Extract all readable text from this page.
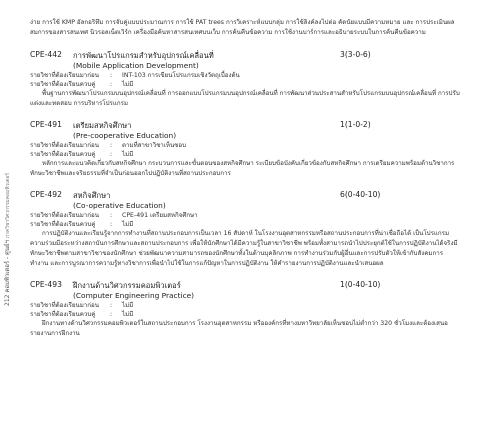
212 คอมพิวเตอร์ - ศูนย์ฯ ภาควิชาวิศวกรรมคอมพิวเตอร์

ง่าย การใช้ KMP อัลกอริทึม การจับคู่แบบประมาณการ การใช้ PAT trees การวิเคราะห์แบบกลุ่ม การใช้ลิงค์ลงไปต่อ คัดนัยแบบมีความหมาย และ การประเมินผลสมการของสารสนเทศ นิวรอลเน็ตเวิร์ก เครื่องมือค้นหาสารสนเทศบนเว็บ การค้นคืนข้อความ การใช้งานบาร์การและอธิบายระบบในการค้นคืนข้อความ

CPE-442 การพัฒนาโปรแกรมสำหรับอุปกรณ์เคลื่อนที่	3(3-0-6)
(Mobile Application Development)
รายวิชาที่ต้องเรียนมาก่อน : INT-103 การเขียนโปรแกรมเชิงวัตถุเบื้องต้น
รายวิชาที่ต้องเรียนควบคู่ : ไม่มี

พื้นฐานการพัฒนาโปรแกรมบนอุปกรณ์เคลื่อนที่ การออกแบบโปรแกรมบนอุปกรณ์เคลื่อนที่ การพัฒนาส่วนประสานสำหรับโปรแกรมบนอุปกรณ์เคลื่อนที่ การปรับแต่งและทดสอบ การบริหารโปรแกรม

CPE-491 เตรียมสหกิจศึกษา	1(1-0-2)
(Pre-cooperative Education)
รายวิชาที่ต้องเรียนมาก่อน : ตามที่สาขาวิชาเห็นชอบ
รายวิชาที่ต้องเรียนควบคู่ : ไม่มี

หลักการและแนวคิดเกี่ยวกับสหกิจศึกษา กระบวนการและขั้นตอนของสหกิจศึกษา ระเบียบข้อบังคับเกี่ยวข้องกับสหกิจศึกษา การเตรียมความพร้อมด้านวิชาการ ทักษะวิชาชีพและจริยธรรมที่จำเป็นก่อนออกไปปฏิบัติงานที่สถานประกอบการ

CPE-492 สหกิจศึกษา	6(0-40-10)
(Co-operative Education)
รายวิชาที่ต้องเรียนมาก่อน : CPE-491 เตรียมสหกิจศึกษา
รายวิชาที่ต้องเรียนควบคู่ : ไม่มี

การปฏิบัติงานและเรียนรู้จากการทำงานที่สถานประกอบการเป็นเวลา 16 สัปดาห์ ในโรงงานอุตสาหกรรมหรือสถานประกอบการที่น่าเชื่อถือได้ เป็นโปรแกรมความร่วมมือระหว่างสถาบันการศึกษาและสถานประกอบการ เพื่อให้นักศึกษาได้มีความรู้ในสาขาวิชาชีพ พร้อมทั้งสามารถนำไปประยุกต์ใช้ในการปฏิบัติงานได้จริงมีทักษะวิชาชีพตามสาขาวิชาของนักศึกษา ช่วยพัฒนาความสามารถของนักศึกษาทั้งในด้านบุคลิกภาพ การทำงานร่วมกับผู้อื่นและการปรับตัวให้เข้ากับสังคมการทำงาน และการบูรณาการความรู้ทางวิชาการเพื่อนำไปใช้ในการแก้ปัญหาในการปฏิบัติงาน ให้คำรายงานการปฏิบัติงานและนำเสนอผล

CPE-493 ฝึกงานด้านวิศวกรรมคอมพิวเตอร์	1(0-40-10)
(Computer Engineering Practice)
รายวิชาที่ต้องเรียนมาก่อน : ไม่มี
รายวิชาที่ต้องเรียนควบคู่ : ไม่มี

ฝึกงานทางด้านวิศวกรรมคอมพิวเตอร์ในสถานประกอบการ โรงงานอุตสาหกรรม หรือองค์กรที่ทางมหาวิทยาลัยเห็นชอบไม่ต่ำกว่า 320 ชั่วโมงและต้องเสนอรายงานการฝึกงาน
